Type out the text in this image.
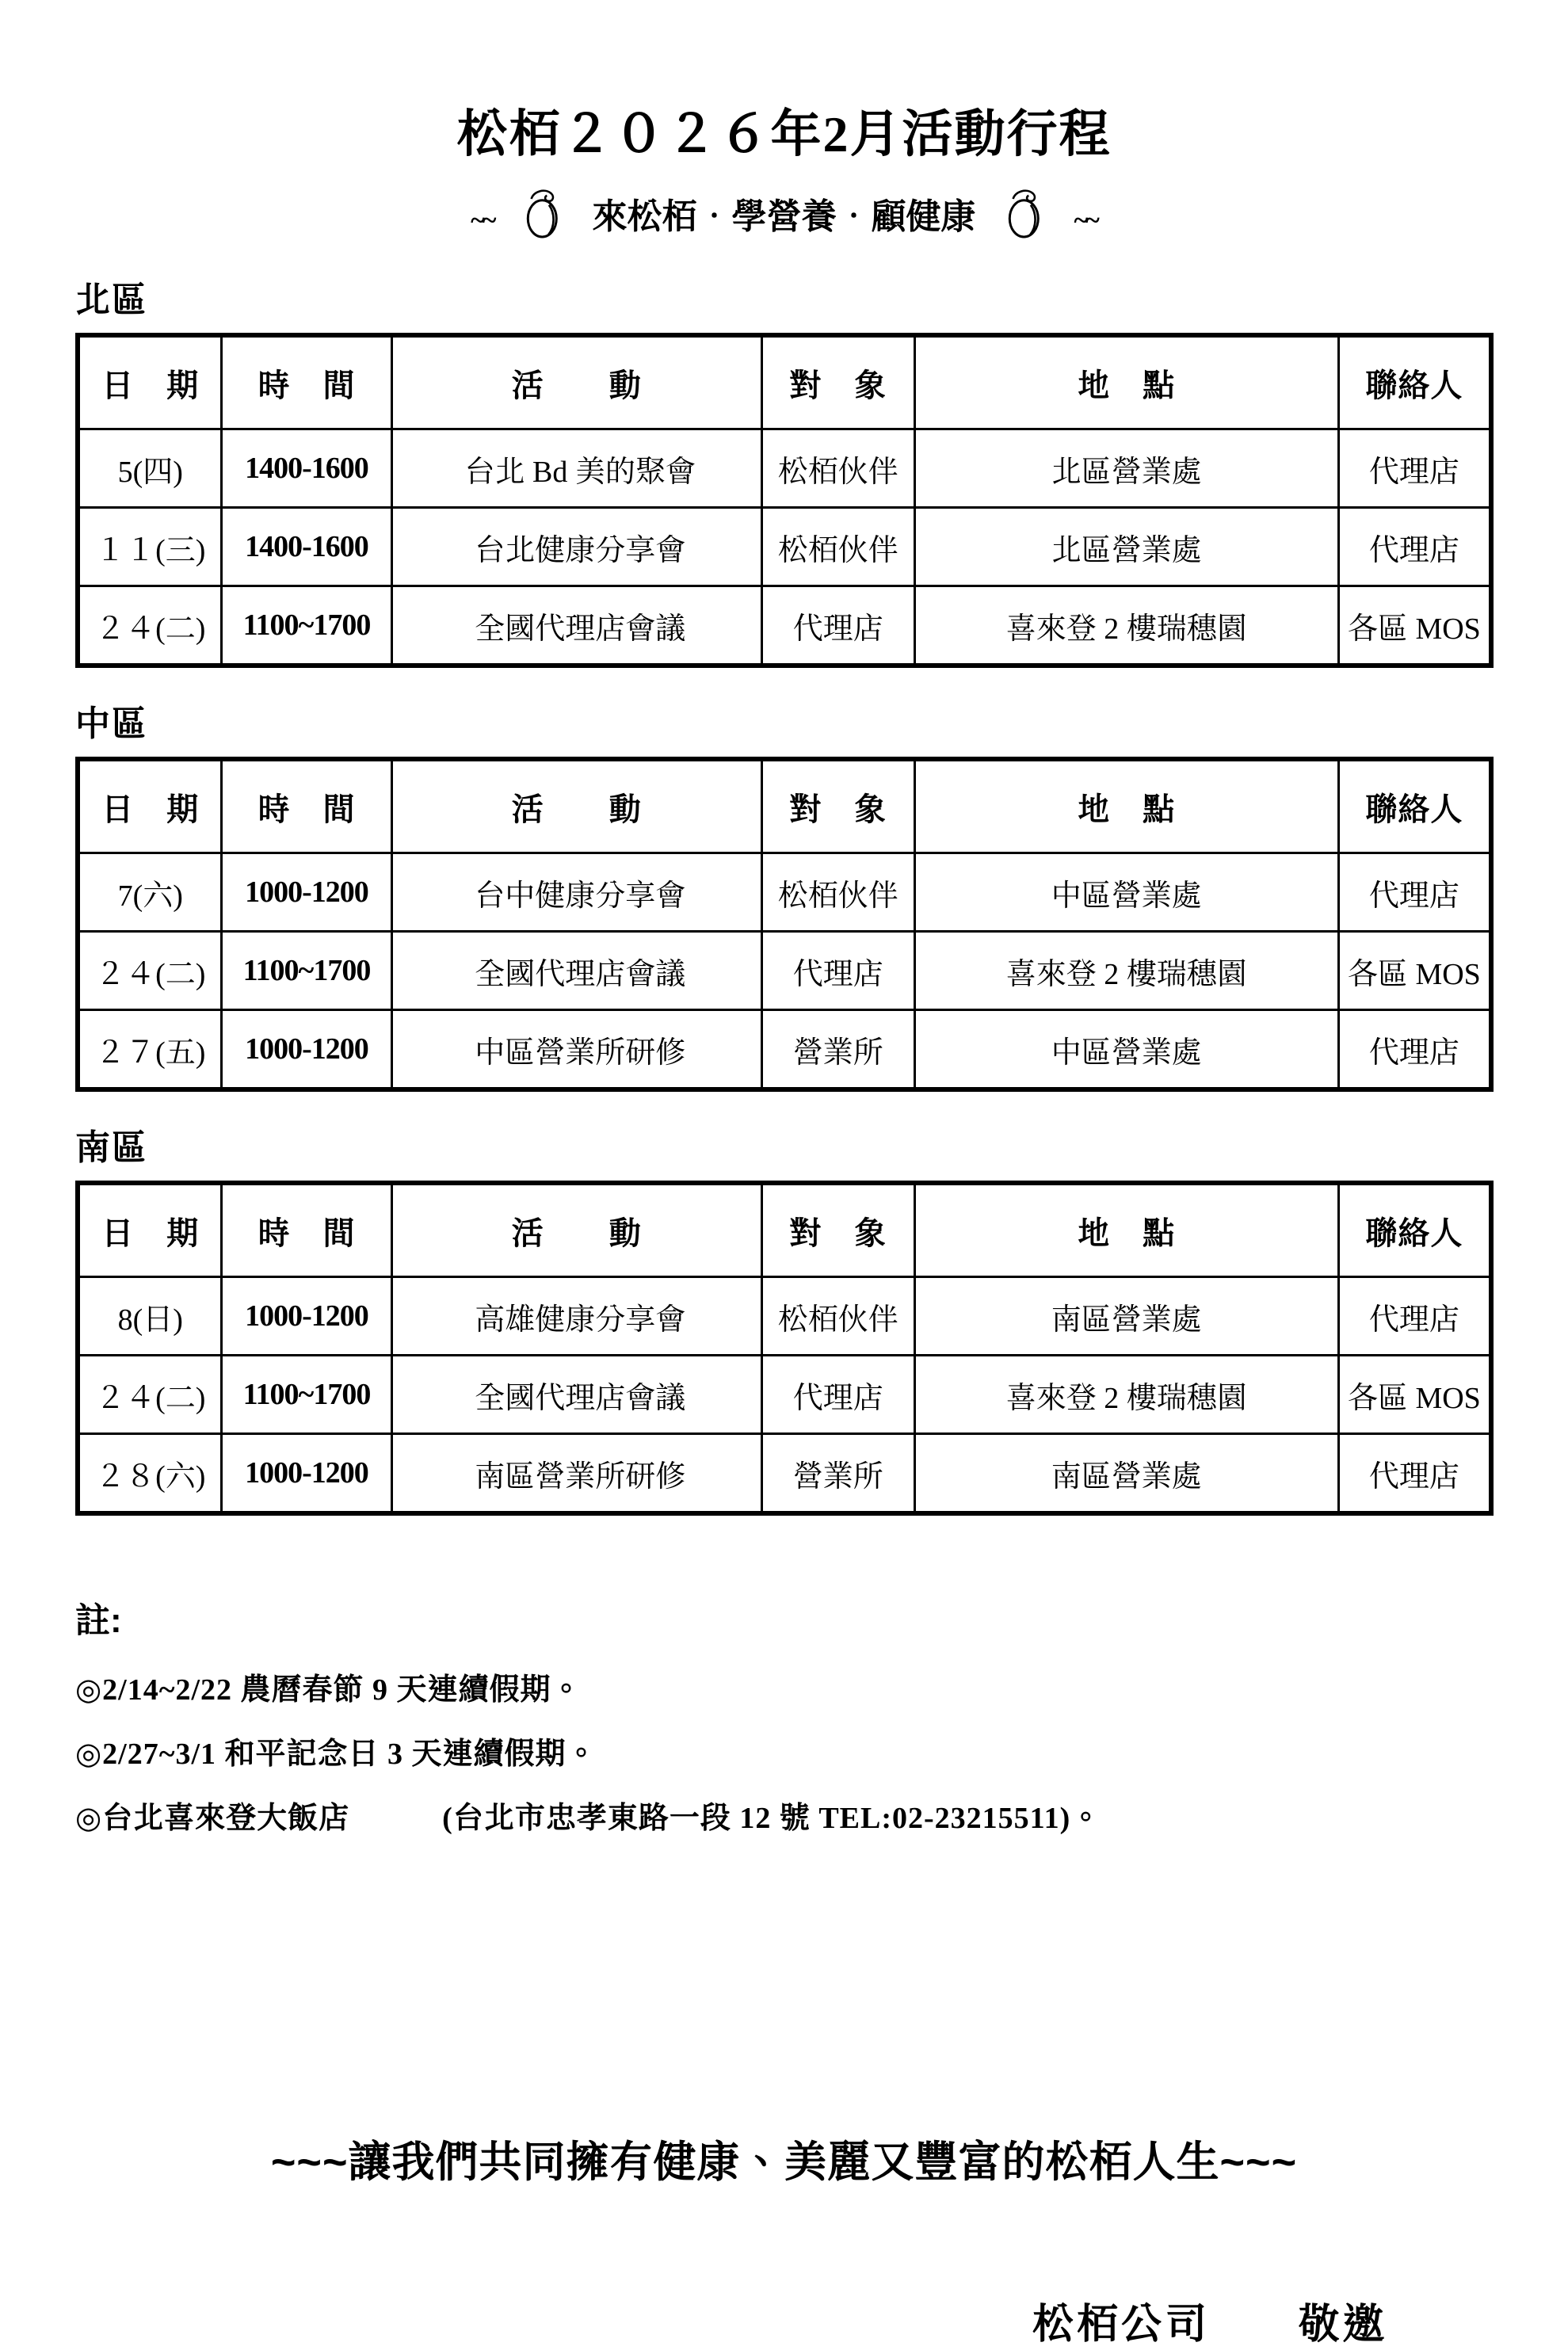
松栢２０２６年2月活動行程
~~	來松栢．學營養．顧健康	~~
北區
日　期	時　間	活　　動	對　象	地　點	聯絡人
5(四)	1400-1600	台北 Bd 美的聚會	松栢伙伴	北區營業處	代理店
１１(三)	1400-1600	台北健康分享會	松栢伙伴	北區營業處	代理店
２４(二)	1100~1700	全國代理店會議	代理店	喜來登 2 樓瑞穗園	各區 MOS
中區
日　期	時　間	活　　動	對　象	地　點	聯絡人
7(六)	1000-1200	台中健康分享會	松栢伙伴	中區營業處	代理店
２４(二)	1100~1700	全國代理店會議	代理店	喜來登 2 樓瑞穗園	各區 MOS
２７(五)	1000-1200	中區營業所研修	營業所	中區營業處	代理店
南區
日　期	時　間	活　　動	對　象	地　點	聯絡人
8(日)	1000-1200	高雄健康分享會	松栢伙伴	南區營業處	代理店
２４(二)	1100~1700	全國代理店會議	代理店	喜來登 2 樓瑞穗園	各區 MOS
２８(六)	1000-1200	南區營業所研修	營業所	南區營業處	代理店
註:
◎2/14~2/22 農曆春節 9 天連續假期。
◎2/27~3/1 和平記念日 3 天連續假期。
◎台北喜來登大飯店　　　(台北市忠孝東路一段 12 號 TEL:02-23215511)。
~~~讓我們共同擁有健康、美麗又豐富的松栢人生~~~
松栢公司　　敬邀
